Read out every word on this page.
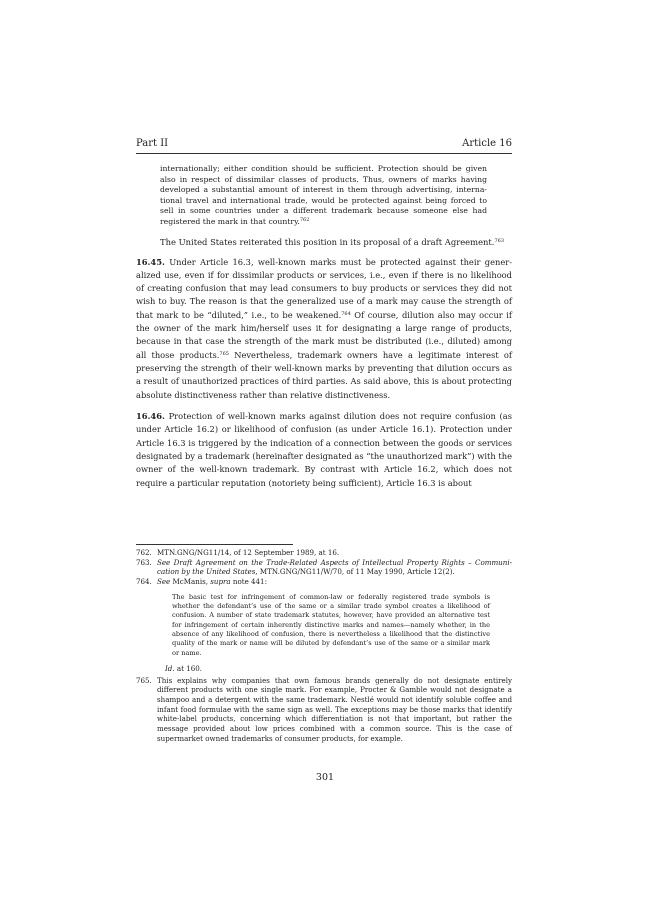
Part II	Article 16
internationally; either condition should be sufficient. Protection should be given also in respect of dissimilar classes of products. Thus, owners of marks having developed a substantial amount of interest in them through advertising, interna- tional travel and international trade, would be protected against being forced to sell in some countries under a different trademark because someone else had registered the mark in that country.$^{762}$
The United States reiterated this position in its proposal of a draft Agreement.$^{763}$

16.45. Under Article 16.3, well-known marks must be protected against their gener-alized use, even if for dissimilar products or services, i.e., even if there is no likelihood of creating confusion that may lead consumers to buy products or services they did not wish to buy. The reason is that the generalized use of a mark may cause the strength of that mark to be “diluted,” i.e., to be weakened.$^{764}$ Of course, dilution also may occur if the owner of the mark him/herself uses it for designating a large range of products, because in that case the strength of the mark must be distributed (i.e., diluted) among all those products.$^{765}$ Nevertheless, trademark owners have a legitimate interest of preserving the strength of their well-known marks by preventing that dilution occurs as a result of unauthorized practices of third parties. As said above, this is about protecting absolute distinctiveness rather than relative distinctiveness.

16.46. Protection of well-known marks against dilution does not require confusion (as under Article 16.2) or likelihood of confusion (as under Article 16.1). Protection under Article 16.3 is triggered by the indication of a connection between the goods or services designated by a trademark (hereinafter designated as “the unauthorized mark”) with the owner of the well-known trademark. By contrast with Article 16.2, which does not require a particular reputation (notoriety being sufficient), Article 16.3 is about

762. MTN.GNG/NG11/14, of 12 September 1989, at 16.
763. See Draft Agreement on the Trade-Related Aspects of Intellectual Property Rights – Communi-cation by the United States, MTN.GNG/NG11/W/70, of 11 May 1990, Article 12(2).
764. See McManis, supra note 441:
The basic test for infringement of common-law or federally registered trade symbols is whether the defendant’s use of the same or a similar trade symbol creates a likelihood of confusion. A number of state trademark statutes, however, have provided an alternative test for infringement of certain inherently distinctive marks and names—namely whether, in the absence of any likelihood of confusion, there is nevertheless a likelihood that the distinctive quality of the mark or name will be diluted by defendant’s use of the same or a similar mark or name.
Id. at 160.
765. This explains why companies that own famous brands generally do not designate entirely different products with one single mark. For example, Procter & Gamble would not designate a shampoo and a detergent with the same trademark. Nestlé would not identify soluble coffee and infant food formulae with the same sign as well. The exceptions may be those marks that identify white-label products, concerning which differentiation is not that important, but rather the message provided about low prices combined with a common source. This is the case of supermarket owned trademarks of consumer products, for example.
301
